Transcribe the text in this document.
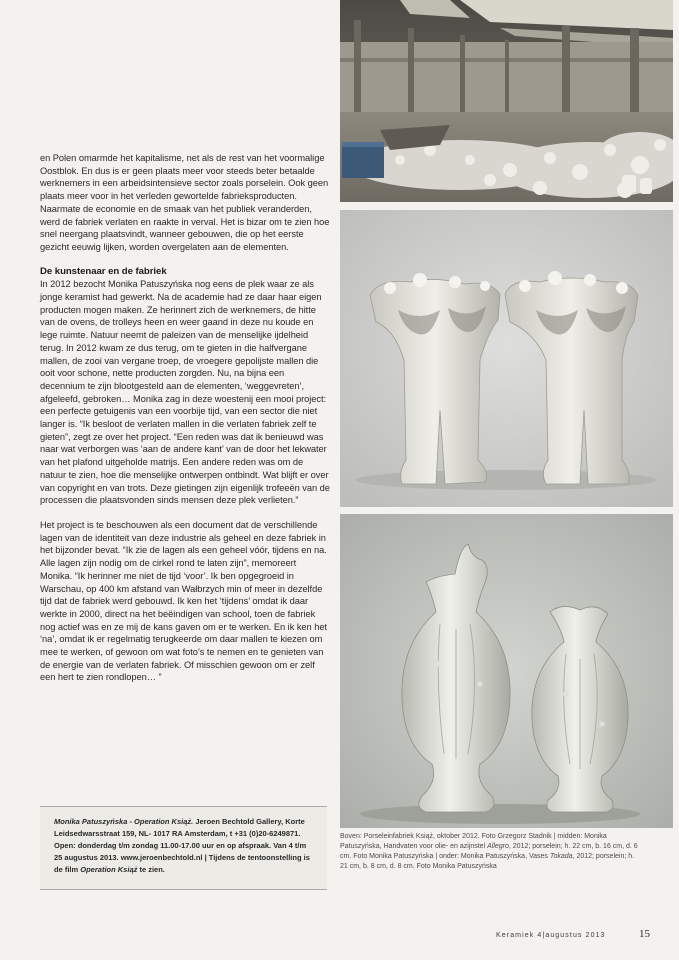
en Polen omarmde het kapitalisme, net als de rest van het voormalige Oostblok. En dus is er geen plaats meer voor steeds beter betaalde werknemers in een arbeidsintensieve sector zoals porselein. Ook geen plaats meer voor in het verleden gewortelde fabrieksproducten. Naarmate de economie en de smaak van het publiek veranderden, werd de fabriek verlaten en raakte in verval. Het is bizar om te zien hoe snel neergang plaatsvindt, wanneer gebouwen, die op het eerste gezicht eeuwig lijken, worden overgelaten aan de elementen.

De kunstenaar en de fabriek

In 2012 bezocht Monika Patuszyńska nog eens de plek waar ze als jonge keramist had gewerkt. Na de academie had ze daar haar eigen producten mogen maken. Ze herinnert zich de werknemers, de hitte van de ovens, de trolleys heen en weer gaand in deze nu koude en lege ruimte. Natuur neemt de paleizen van de menselijke ijdelheid terug. In 2012 kwam ze dus terug, om te gieten in die halfvergane mallen, de zooi van vergane troep, de vroegere gepolijste mallen die ooit voor schone, nette producten zorgden. Nu, na bijna een decennium te zijn blootgesteld aan de elementen, ‘weggevreten’, afgeleefd, gebroken… Monika zag in deze woestenij een mooi project: een perfecte getuigenis van een voorbije tijd, van een sector die niet langer is. “Ik besloot de verlaten mallen in die verlaten fabriek zelf te gieten”, zegt ze over het project. “Een reden was dat ik benieuwd was naar wat verborgen was ‘aan de andere kant’ van de door het lekwater van het plafond uitgeholde matrijs. Een andere reden was om de natuur te zien, hoe die menselijke ontwerpen ontbindt. Wat blijft er over van copyright en van trots. Deze gietingen zijn eigenlijk trofeeën van de processen die plaatsvonden sinds mensen deze plek verlieten.”

Het project is te beschouwen als een document dat de verschillende lagen van de identiteit van deze industrie als geheel en deze fabriek in het bijzonder bevat. “Ik zie de lagen als een geheel vóór, tijdens en na. Alle lagen zijn nodig om de cirkel rond te laten zijn”, memoreert Monika. “Ik herinner me niet de tijd ‘voor’. Ik ben opgegroeid in Warschau, op 400 km afstand van Wałbrzych min of meer in dezelfde tijd dat de fabriek werd gebouwd. Ik ken het ‘tijdens’ omdat ik daar werkte in 2000, direct na het beëindigen van school, toen de fabriek nog actief was en ze mij de kans gaven om er te werken. En ik ken het ‘na’, omdat ik er regelmatig terugkeerde om daar mallen te kiezen om mee te werken, of gewoon om wat foto’s te nemen en te genieten van de energie van de verlaten fabriek. Of misschien gewoon om er zelf een hert te zien rondlopen… ”

Monika Patuszyńska - Operation Książ. Jeroen Bechtold Gallery, Korte Leidsedwarsstraat 159, NL- 1017 RA Amsterdam, t +31 (0)20-6249871. Open: donderdag t/m zondag 11.00-17.00 uur en op afspraak. Van 4 t/m 25 augustus 2013. www.jeroenbechtold.nl | Tijdens de tentoonstelling is de film Operation Książ te zien.
Boven: Porseleinfabriek Książ, oktober 2012. Foto Grzegorz Stadnik | midden: Monika Patuszyńska, Handvaten voor olie- en azijnstel Allegro, 2012; porselein; h. 22 cm, b. 16 cm, d. 6 cm. Foto Monika Patuszyńska | onder: Monika Patuszyńska, Vases Tokada, 2012; porselein; h. 21 cm, b. 8 cm, d. 8 cm. Foto Monika Patuszyńska
Keramiek 4|augustus 2013	15
